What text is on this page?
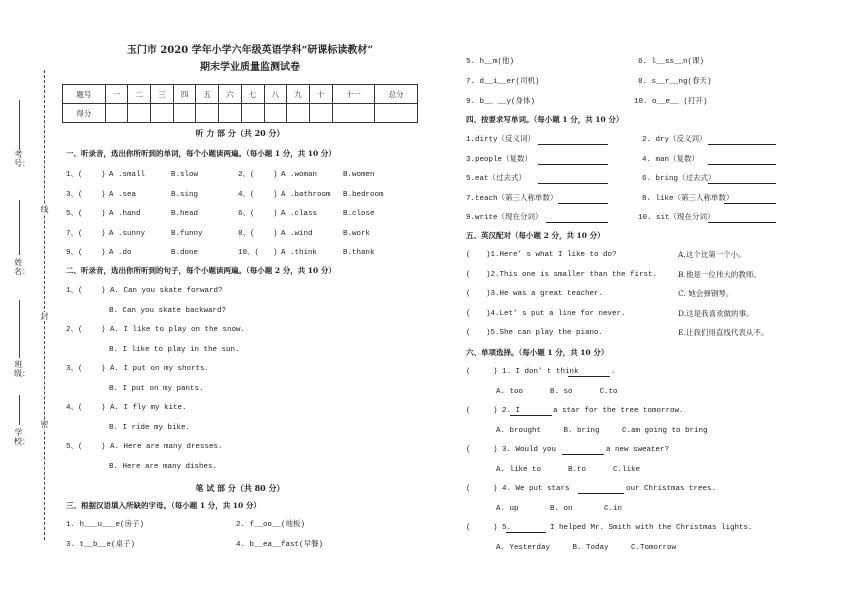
线
封
密
考号：
姓名：
班级：
学校：
玉门市 2020 学年小学六年级英语学科“研课标读教材”
期末学业质量监测试卷
题号	一	二	三	四	五	六	七	八	九	十	十一	总分
得分												
听 力 部 分（共 20 分）
一、听录音，选出你所听到的单词，每个小题读两遍。（每小题 1 分，共 10 分）
1、( ) A .small	B.slow	2、( ) A .woman	B.women
3、( ) A .sea	B.sing	4、( ) A .bathroom B.bedroom
5、( ) A .hand	B.head	6、( ) A .class	B.close
7、( ) A .sunny	B.funny	8、( ) A .wind	B.work
9、( ) A .do	B.done	10、( ) A .think	B.thank
二、听录音，选出你所听到的句子，每个小题读两遍。（每小题 2 分，共 10 分）
1、( ) A. Can you skate forward?
B. Can you skate backward?
2、( ) A. I like to play on the snow.
B. I like to play in the sun.
3、( ) A. I put on my shorts.
B. I put on my pants.
4、( ) A. I fly my kite.
B. I ride my bike.
5、( ) A. Here are many dresses.
B. Here are many dishes.
笔 试 部 分（共 80 分）
三、根据汉语填入所缺的字母。（每小题 1 分，共 10 分）
1. h___u___e(房子)	2. f__oo__(地板)
3. t__b__e(桌子)	4. b__ea__fast(早餐)
5. h__m(他)	6. l__ss__n(课)
7. d__i__er(司机)	8. s__r__ng(春天)
9. b__ __y(身体)	10. o__e__ (打开)
四、按要求写单词。（每小题 1 分，共 10 分）
1.dirty（反义词）	2. dry（反义词）
3.people（复数）	4. man（复数）
5.eat（过去式）	6. bring（过去式）
7.teach（第三人称单数）	8. like（第三人称单数）
9.write（现在分词）	10. sit（现在分词）
五、英汉配对（每小题 2 分，共 10 分）
( )1.Here’ s what I like to do?	A.这个比第一个小。
( )2.This one is smaller than the first.	B.他是一位伟大的教师。
( )3.He was a great teacher.	C. 她会弹钢琴。
( )4.Let’ s put a line for never.	D.这是我喜欢做的事。
( )5.She can play the piano.	E.让我们用直线代表从不。
六、单项选择。（每小题 1 分，共 10 分）
(     ) 1. I don’ t think	.
A. too      B. so      C.to
(     ) 2. I	a star for the tree tomorrow.
A. brought     B. bring     C.am going to bring
(     ) 3. Would you	a new sweater?
A. like to      B.to      C.like
(     ) 4. We put stars	our Christmas trees.
A. up       B. on       C.in
(     ) 5.	I helped Mr. Smith with the Christmas lights.
A. Yesterday     B. Today     C.Tomorrow
